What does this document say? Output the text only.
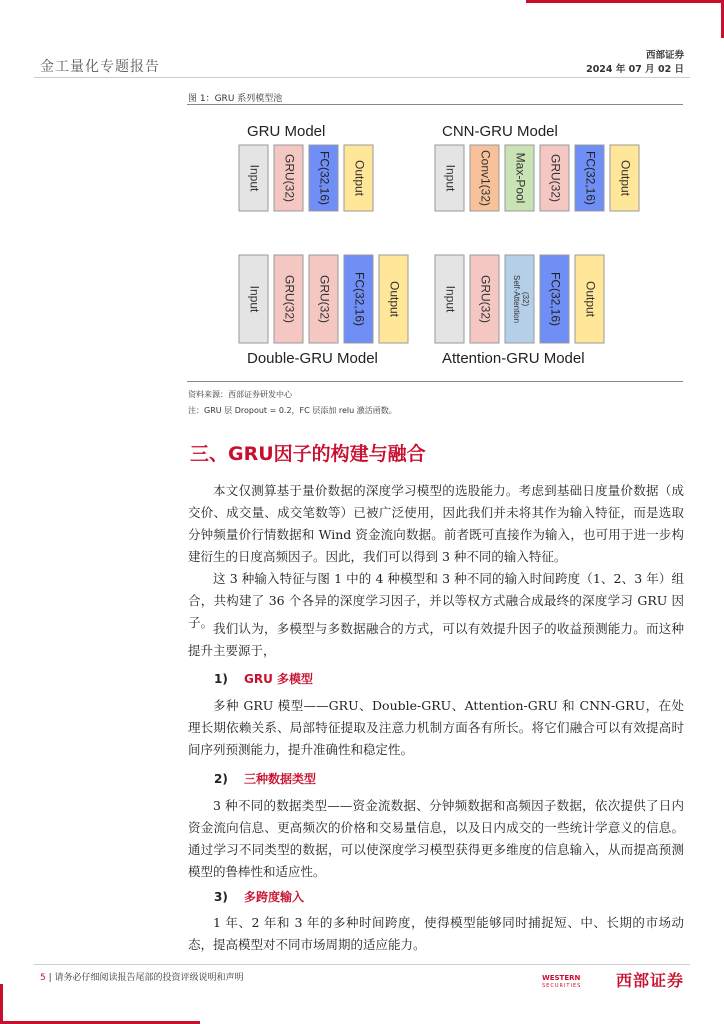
金工量化专题报告
西部证券
2024 年 07 月 02 日
图 1：GRU 系列模型池
GRU Model	CNN-GRU Model
Input GRU(32) FC(32,16) Output	Input Conv1(32) Max-Pool GRU(32) FC(32,16) Output
Input GRU(32) GRU(32) FC(32,16) Output	Input GRU(32) Self-Attention (32) FC(32,16) Output
Double-GRU Model	Attention-GRU Model
资料来源：西部证券研发中心
注：GRU 层 Dropout = 0.2，FC 层添加 relu 激活函数。
三、GRU因子的构建与融合
本文仅测算基于量价数据的深度学习模型的选股能力。考虑到基础日度量价数据（成交价、成交量、成交笔数等）已被广泛使用，因此我们并未将其作为输入特征，而是选取分钟频量价行情数据和 Wind 资金流向数据。前者既可直接作为输入，也可用于进一步构建衍生的日度高频因子。因此，我们可以得到 3 种不同的输入特征。
这 3 种输入特征与图 1 中的 4 种模型和 3 种不同的输入时间跨度（1、2、3 年）组合，共构建了 36 个各异的深度学习因子，并以等权方式融合成最终的深度学习 GRU 因子。 我们认为，多模型与多数据融合的方式，可以有效提升因子的收益预测能力。而这种提升主要源于，
1) GRU 多模型
多种 GRU 模型——GRU、Double-GRU、Attention-GRU 和 CNN-GRU，在处理长期依赖关系、局部特征提取及注意力机制方面各有所长。将它们融合可以有效提高时间序列预测能力，提升准确性和稳定性。
2) 三种数据类型
3 种不同的数据类型——资金流数据、分钟频数据和高频因子数据，依次提供了日内资金流向信息、更高频次的价格和交易量信息，以及日内成交的一些统计学意义的信息。通过学习不同类型的数据，可以使深度学习模型获得更多维度的信息输入，从而提高预测模型的鲁棒性和适应性。
3) 多跨度输入
1 年、2 年和 3 年的多种时间跨度，使得模型能够同时捕捉短、中、长期的市场动态，提高模型对不同市场周期的适应能力。
5 | 请务必仔细阅读报告尾部的投资评级说明和声明	WESTERN
SECURITIES 西部证券
